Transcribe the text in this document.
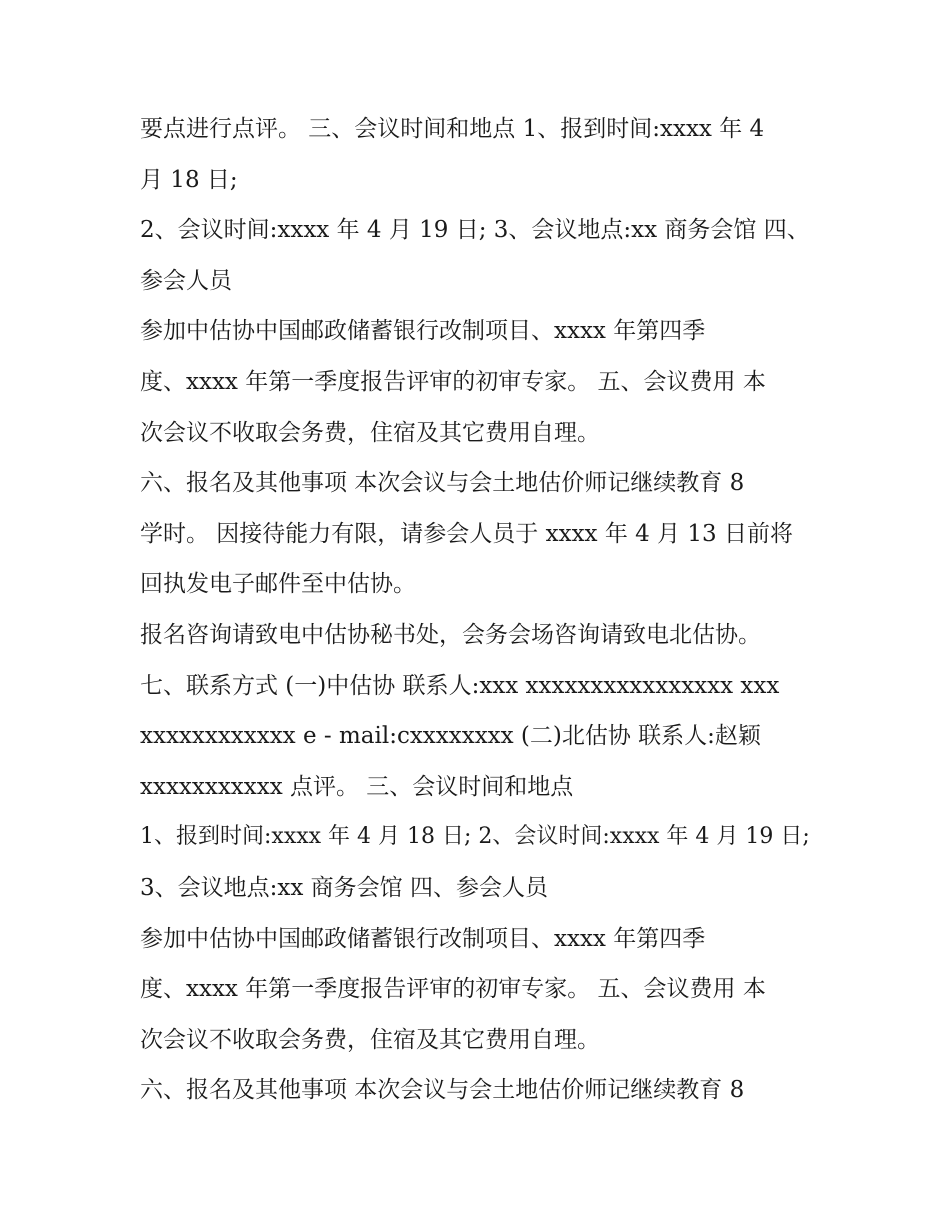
要点进行点评。 三、会议时间和地点 1、报到时间:xxxx 年 4
月 18 日;
2、会议时间:xxxx 年 4 月 19 日; 3、会议地点:xx 商务会馆 四、
参会人员
参加中估协中国邮政储蓄银行改制项目、xxxx 年第四季
度、xxxx 年第一季度报告评审的初审专家。 五、会议费用 本
次会议不收取会务费，住宿及其它费用自理。
六、报名及其他事项 本次会议与会土地估价师记继续教育 8
学时。 因接待能力有限，请参会人员于 xxxx 年 4 月 13 日前将
回执发电子邮件至中估协。
报名咨询请致电中估协秘书处，会务会场咨询请致电北估协。
七、联系方式 (一)中估协 联系人:xxx xxxxxxxxxxxxxxxx xxx
xxxxxxxxxxxx e - mail:cxxxxxxxx (二)北估协 联系人:赵颖
xxxxxxxxxxx 点评。 三、会议时间和地点
1、报到时间:xxxx 年 4 月 18 日; 2、会议时间:xxxx 年 4 月 19 日;
3、会议地点:xx 商务会馆 四、参会人员
参加中估协中国邮政储蓄银行改制项目、xxxx 年第四季
度、xxxx 年第一季度报告评审的初审专家。 五、会议费用 本
次会议不收取会务费，住宿及其它费用自理。
六、报名及其他事项 本次会议与会土地估价师记继续教育 8
